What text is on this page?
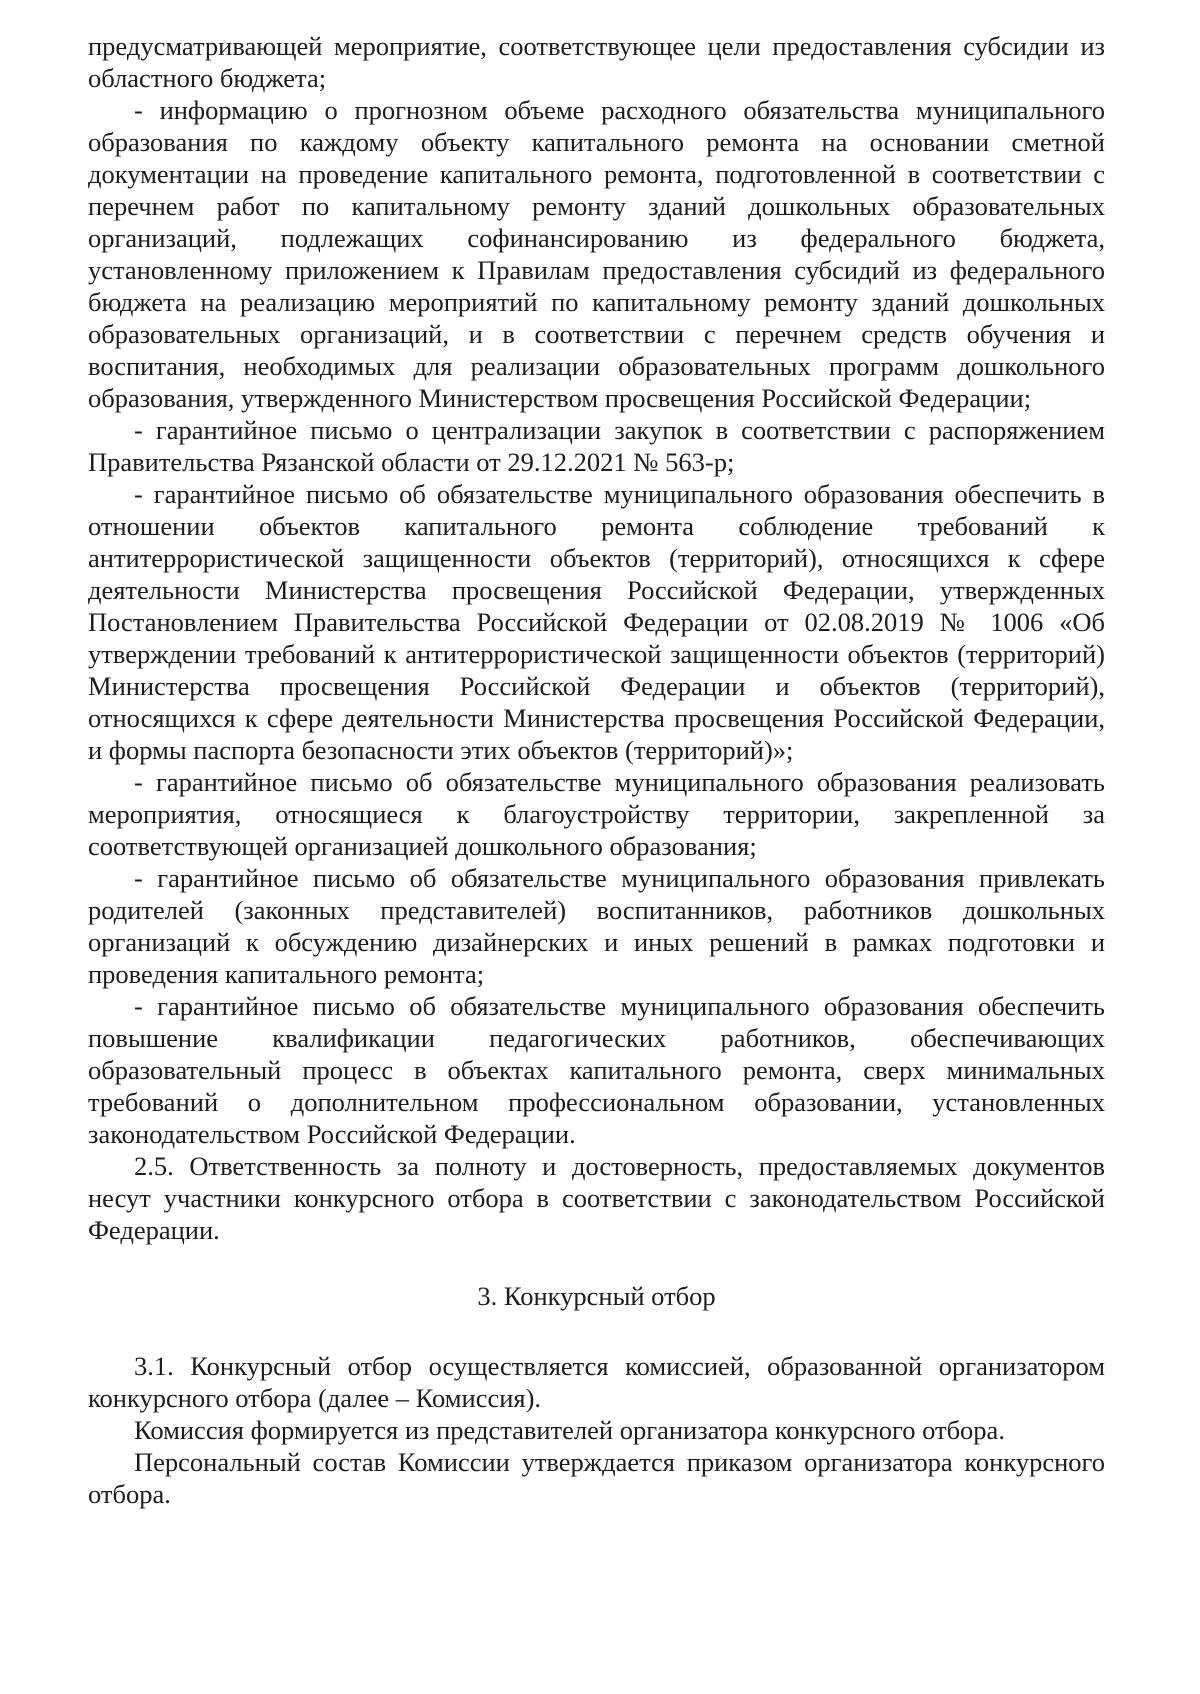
предусматривающей мероприятие, соответствующее цели предоставления субсидии из областного бюджета;

- информацию о прогнозном объеме расходного обязательства муниципального образования по каждому объекту капитального ремонта на основании сметной документации на проведение капитального ремонта, подготовленной в соответствии с перечнем работ по капитальному ремонту зданий дошкольных образовательных организаций, подлежащих софинансированию из федерального бюджета, установленному приложением к Правилам предоставления субсидий из федерального бюджета на реализацию мероприятий по капитальному ремонту зданий дошкольных образовательных организаций, и в соответствии с перечнем средств обучения и воспитания, необходимых для реализации образовательных программ дошкольного образования, утвержденного Министерством просвещения Российской Федерации;

- гарантийное письмо о централизации закупок в соответствии с распоряжением Правительства Рязанской области от 29.12.2021 № 563-р;

- гарантийное письмо об обязательстве муниципального образования обеспечить в отношении объектов капитального ремонта соблюдение требований к антитеррористической защищенности объектов (территорий), относящихся к сфере деятельности Министерства просвещения Российской Федерации, утвержденных Постановлением Правительства Российской Федерации от 02.08.2019 № 1006 «Об утверждении требований к антитеррористической защищенности объектов (территорий) Министерства просвещения Российской Федерации и объектов (территорий), относящихся к сфере деятельности Министерства просвещения Российской Федерации, и формы паспорта безопасности этих объектов (территорий)»;

- гарантийное письмо об обязательстве муниципального образования реализовать мероприятия, относящиеся к благоустройству территории, закрепленной за соответствующей организацией дошкольного образования;

- гарантийное письмо об обязательстве муниципального образования привлекать родителей (законных представителей) воспитанников, работников дошкольных организаций к обсуждению дизайнерских и иных решений в рамках подготовки и проведения капитального ремонта;

- гарантийное письмо об обязательстве муниципального образования обеспечить повышение квалификации педагогических работников, обеспечивающих образовательный процесс в объектах капитального ремонта, сверх минимальных требований о дополнительном профессиональном образовании, установленных законодательством Российской Федерации.

2.5. Ответственность за полноту и достоверность, предоставляемых документов несут участники конкурсного отбора в соответствии с законодательством Российской Федерации.

3. Конкурсный отбор

3.1. Конкурсный отбор осуществляется комиссией, образованной организатором конкурсного отбора (далее – Комиссия).

Комиссия формируется из представителей организатора конкурсного отбора.

Персональный состав Комиссии утверждается приказом организатора конкурсного отбора.
